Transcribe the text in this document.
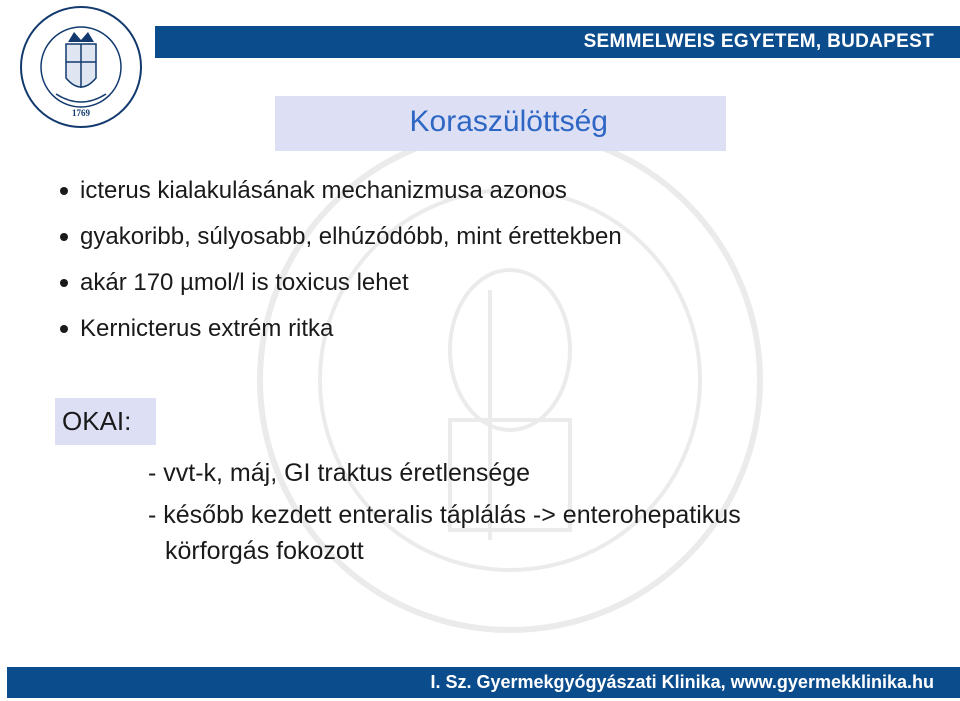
SEMMELWEIS EGYETEM, BUDAPEST
1769	Koraszülöttség
icterus kialakulásának mechanizmusa azonos
gyakoribb, súlyosabb, elhúzódóbb, mint érettekben
akár 170 µmol/l is toxicus lehet
Kernicterus extrém ritka
OKAI:
- vvt-k, máj, GI traktus éretlensége
- később kezdett enteralis táplálás -> enterohepatikus
körforgás fokozott
I. Sz. Gyermekgyógyászati Klinika, www.gyermekklinika.hu
